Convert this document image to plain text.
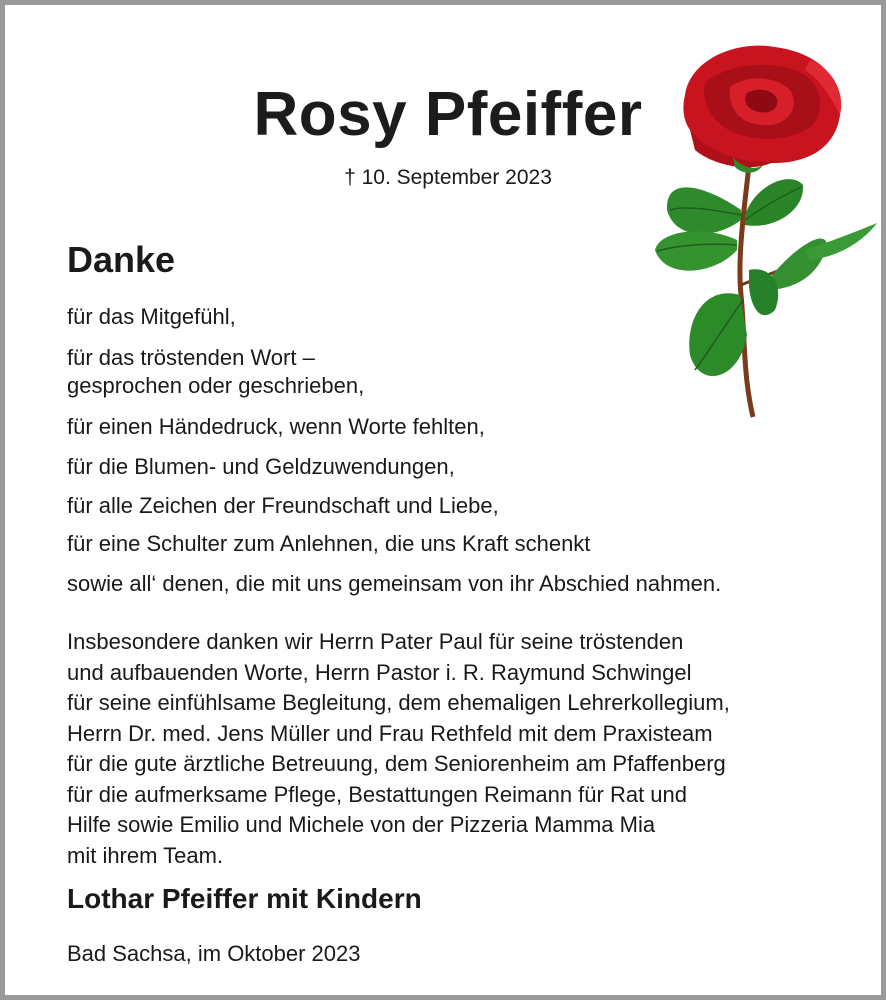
Rosy Pfeiffer
† 10. September 2023
Danke
für das Mitgefühl,
für das tröstenden Wort –
gesprochen oder geschrieben,
für einen Händedruck, wenn Worte fehlten,
für die Blumen- und Geldzuwendungen,
für alle Zeichen der Freundschaft und Liebe,
für eine Schulter zum Anlehnen, die uns Kraft schenkt
sowie all‘ denen, die mit uns gemeinsam von ihr Abschied nahmen.
Insbesondere danken wir Herrn Pater Paul für seine tröstenden
und aufbauenden Worte, Herrn Pastor i. R. Raymund Schwingel
für seine einfühlsame Begleitung, dem ehemaligen Lehrerkollegium,
Herrn Dr. med. Jens Müller und Frau Rethfeld mit dem Praxisteam
für die gute ärztliche Betreuung, dem Seniorenheim am Pfaffenberg
für die aufmerksame Pflege, Bestattungen Reimann für Rat und
Hilfe sowie Emilio und Michele von der Pizzeria Mamma Mia
mit ihrem Team.
Lothar Pfeiffer mit Kindern
Bad Sachsa, im Oktober 2023
